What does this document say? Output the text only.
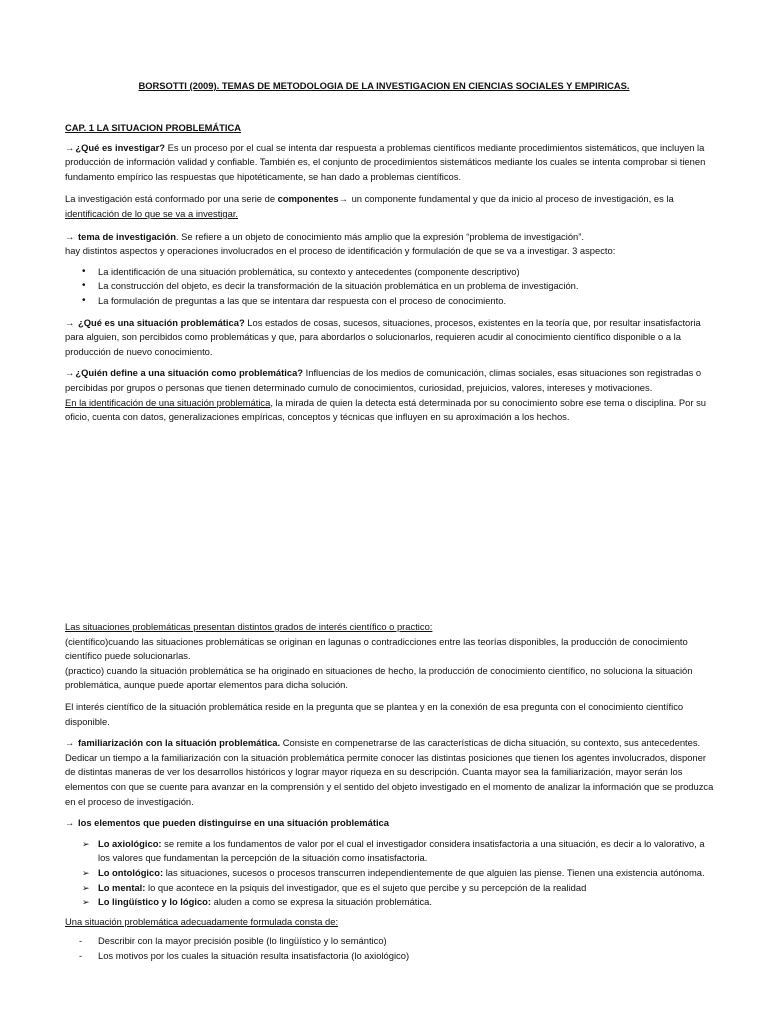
BORSOTTI (2009). TEMAS DE METODOLOGIA DE LA INVESTIGACION EN CIENCIAS SOCIALES Y EMPIRICAS.

CAP. 1 LA SITUACION PROBLEMÁTICA

→¿Qué es investigar? Es un proceso por el cual se intenta dar respuesta a problemas científicos mediante procedimientos sistemáticos, que incluyen la producción de información validad y confiable. También es, el conjunto de procedimientos sistemáticos mediante los cuales se intenta comprobar si tienen fundamento empírico las respuestas que hipotéticamente, se han dado a problemas científicos.

La investigación está conformado por una serie de componentes→ un componente fundamental y que da inicio al proceso de investigación, es la identificación de lo que se va a investigar.

→ tema de investigación. Se refiere a un objeto de conocimiento más amplio que la expresión “problema de investigación”.
hay distintos aspectos y operaciones involucrados en el proceso de identificación y formulación de que se va a investigar. 3 aspecto:

• La identificación de una situación problemática, su contexto y antecedentes (componente descriptivo)
• La construcción del objeto, es decir la transformación de la situación problemática en un problema de investigación.
• La formulación de preguntas a las que se intentara dar respuesta con el proceso de conocimiento.

→ ¿Qué es una situación problemática? Los estados de cosas, sucesos, situaciones, procesos, existentes en la teoría que, por resultar insatisfactoria para alguien, son percibidos como problemáticas y que, para abordarlos o solucionarlos, requieren acudir al conocimiento científico disponible o a la producción de nuevo conocimiento.

→¿Quién define a una situación como problemática? Influencias de los medios de comunicación, climas sociales, esas situaciones son registradas o percibidas por grupos o personas que tienen determinado cumulo de conocimientos, curiosidad, prejuicios, valores, intereses y motivaciones.
En la identificación de una situación problemática, la mirada de quien la detecta está determinada por su conocimiento sobre ese tema o disciplina. Por su oficio, cuenta con datos, generalizaciones empíricas, conceptos y técnicas que influyen en su aproximación a los hechos.

Las situaciones problemáticas presentan distintos grados de interés científico o practico:

(científico)cuando las situaciones problemáticas se originan en lagunas o contradicciones entre las teorías disponibles, la producción de conocimiento científico puede solucionarlas.

(practico) cuando la situación problemática se ha originado en situaciones de hecho, la producción de conocimiento científico, no soluciona la situación problemática, aunque puede aportar elementos para dicha solución.

El interés científico de la situación problemática reside en la pregunta que se plantea y en la conexión de esa pregunta con el conocimiento científico disponible.

→ familiarización con la situación problemática. Consiste en compenetrarse de las características de dicha situación, su contexto, sus antecedentes. Dedicar un tiempo a la familiarización con la situación problemática permite conocer las distintas posiciones que tienen los agentes involucrados, disponer de distintas maneras de ver los desarrollos históricos y lograr mayor riqueza en su descripción. Cuanta mayor sea la familiarización, mayor serán los elementos con que se cuente para avanzar en la comprensión y el sentido del objeto investigado en el momento de analizar la información que se produzca en el proceso de investigación.

→ los elementos que pueden distinguirse en una situación problemática

➢ Lo axiológico: se remite a los fundamentos de valor por el cual el investigador considera insatisfactoria a una situación, es decir a lo valorativo, a los valores que fundamentan la percepción de la situación como insatisfactoria.
➢ Lo ontológico: las situaciones, sucesos o procesos transcurren independientemente de que alguien las piense. Tienen una existencia autónoma.
➢ Lo mental: lo que acontece en la psiquis del investigador, que es el sujeto que percibe y su percepción de la realidad
➢ Lo lingüístico y lo lógico: aluden a como se expresa la situación problemática.

Una situación problemática adecuadamente formulada consta de:

- Describir con la mayor precisión posible (lo lingüístico y lo semántico)
- Los motivos por los cuales la situación resulta insatisfactoria (lo axiológico)
